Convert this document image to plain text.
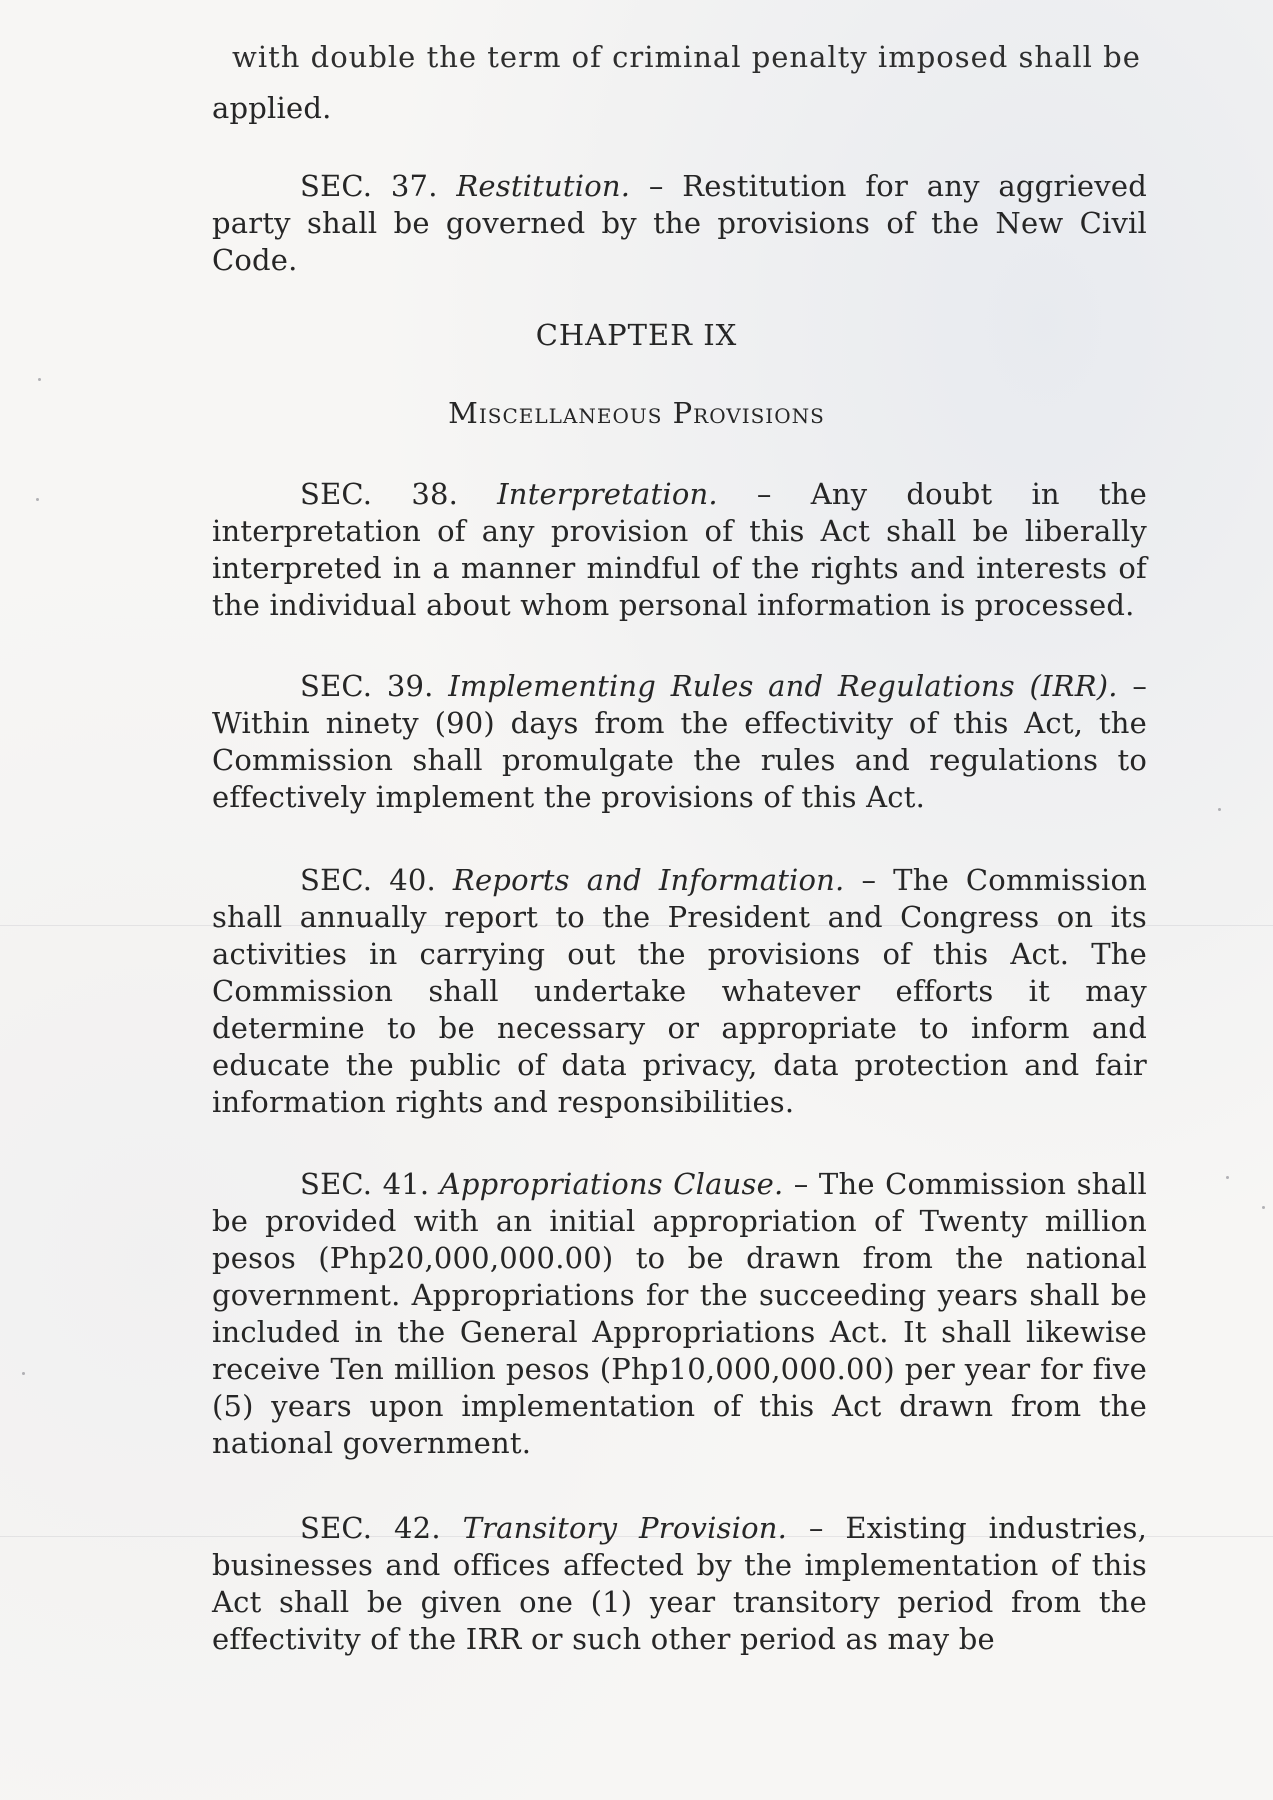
with double the term of criminal penalty imposed shall be

applied.

SEC. 37. Restitution. – Restitution for any aggrieved party shall be governed by the provisions of the New Civil Code.

CHAPTER IX
Miscellaneous Provisions

SEC. 38. Interpretation. – Any doubt in the interpretation of any provision of this Act shall be liberally interpreted in a manner mindful of the rights and interests of the individual about whom personal information is processed.

SEC. 39. Implementing Rules and Regulations (IRR). – Within ninety (90) days from the effectivity of this Act, the Commission shall promulgate the rules and regulations to effectively implement the provisions of this Act.

SEC. 40. Reports and Information. – The Commission shall annually report to the President and Congress on its activities in carrying out the provisions of this Act. The Commission shall undertake whatever efforts it may determine to be necessary or appropriate to inform and educate the public of data privacy, data protection and fair information rights and responsibilities.

SEC. 41. Appropriations Clause. – The Commission shall be provided with an initial appropriation of Twenty million pesos (Php20,000,000.00) to be drawn from the national government. Appropriations for the succeeding years shall be included in the General Appropriations Act. It shall likewise receive Ten million pesos (Php10,000,000.00) per year for five (5) years upon implementation of this Act drawn from the national government.

SEC. 42. Transitory Provision. – Existing industries, businesses and offices affected by the implementation of this Act shall be given one (1) year transitory period from the effectivity of the IRR or such other period as may be
